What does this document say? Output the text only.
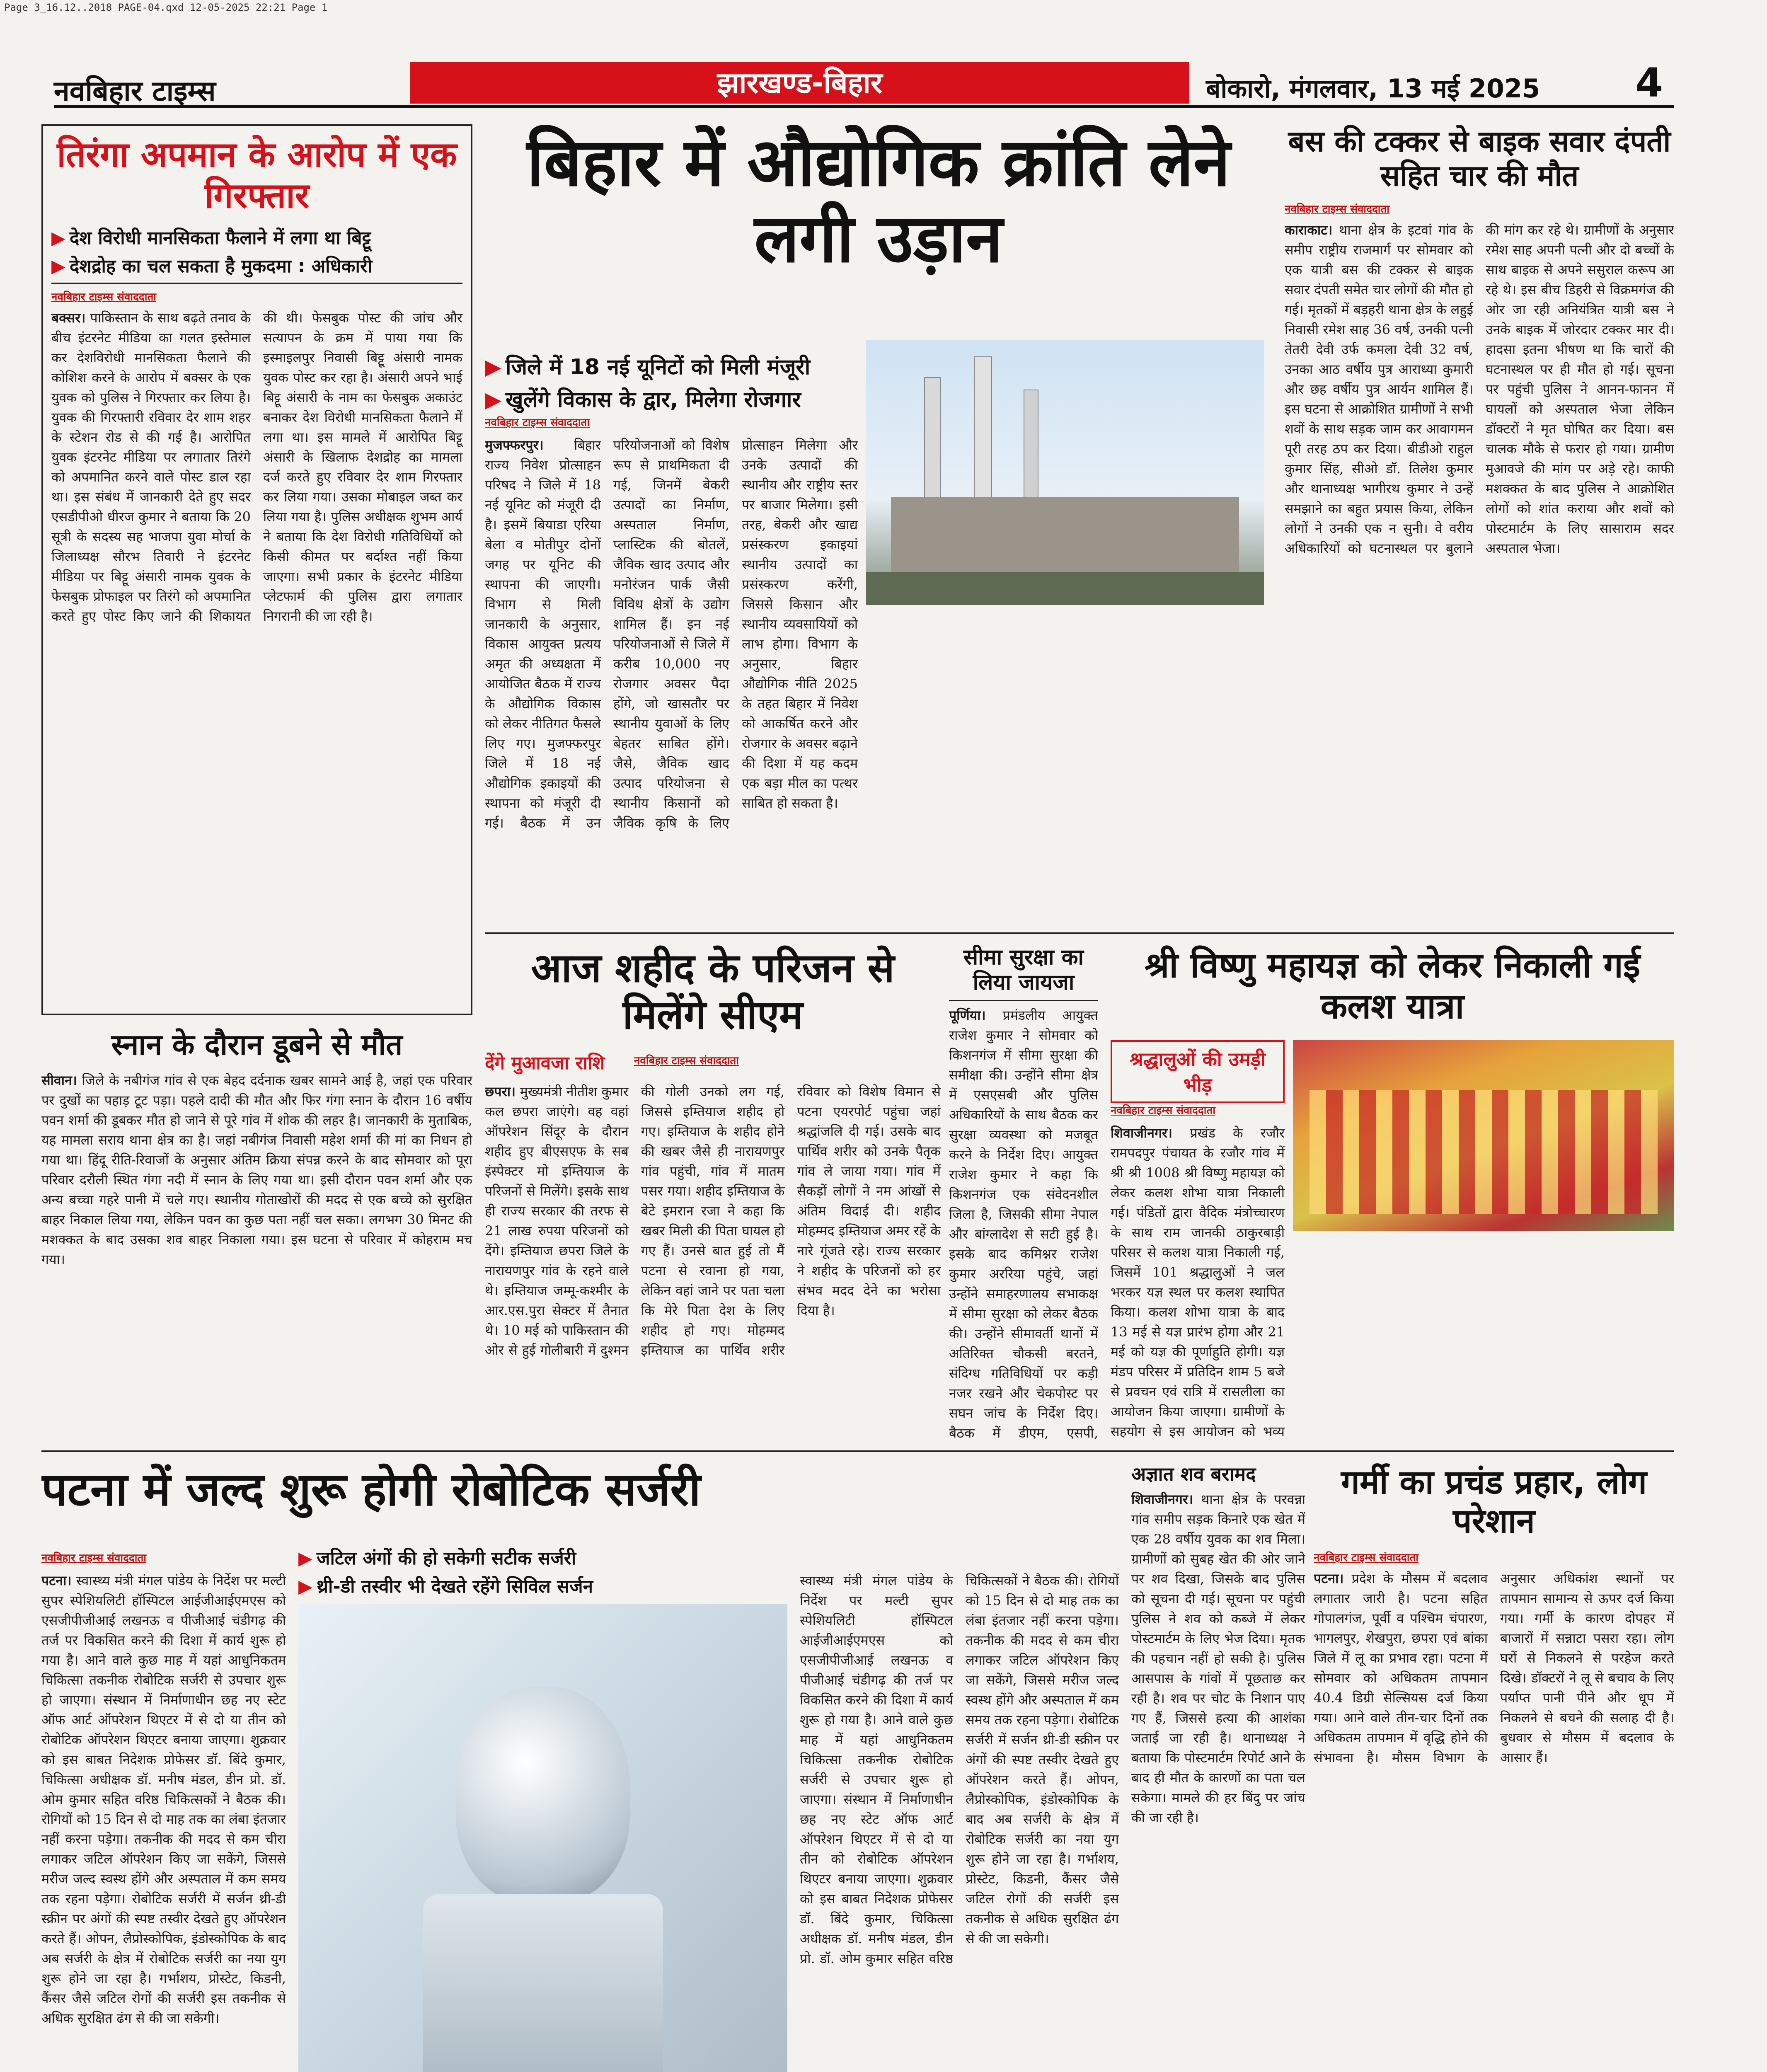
Page 3_16.12..2018 PAGE-04.qxd 12-05-2025 22:21 Page 1
नवबिहार टाइम्स	झारखण्ड-बिहार	बोकारो, मंगलवार, 13 मई 2025 4
तिरंगा अपमान के आरोप में एक गिरफ्तार
▶ देश विरोधी मानसिकता फैलाने में लगा था बिट्टू
▶ देशद्रोह का चल सकता है मुकदमा : अधिकारी
नवबिहार टाइम्स संवाददाता
बक्सर। पाकिस्तान के साथ बढ़ते तनाव के बीच इंटरनेट मीडिया का गलत इस्तेमाल कर देशविरोधी मानसिकता फैलाने की कोशिश करने के आरोप में बक्सर के एक युवक को पुलिस ने गिरफ्तार कर लिया है। युवक की गिरफ्तारी रविवार देर शाम शहर के स्टेशन रोड से की गई है। आरोपित युवक इंटरनेट मीडिया पर लगातार तिरंगे को अपमानित करने वाले पोस्ट डाल रहा था। इस संबंध में जानकारी देते हुए सदर एसडीपीओ धीरज कुमार ने बताया कि 20 सूत्री के सदस्य सह भाजपा युवा मोर्चा के जिलाध्यक्ष सौरभ तिवारी ने इंटरनेट मीडिया पर बिट्टू अंसारी नामक युवक के फेसबुक प्रोफाइल पर तिरंगे को अपमानित करते हुए पोस्ट किए जाने की शिकायत की थी। फेसबुक पोस्ट की जांच और सत्यापन के क्रम में पाया गया कि इस्माइलपुर निवासी बिट्टू अंसारी नामक युवक पोस्ट कर रहा है। अंसारी अपने भाई बिट्टू अंसारी के नाम का फेसबुक अकाउंट बनाकर देश विरोधी मानसिकता फैलाने में लगा था। इस मामले में आरोपित बिट्टू अंसारी के खिलाफ देशद्रोह का मामला दर्ज करते हुए रविवार देर शाम गिरफ्तार कर लिया गया। उसका मोबाइल जब्त कर लिया गया है। पुलिस अधीक्षक शुभम आर्य ने बताया कि देश विरोधी गतिविधियों को किसी कीमत पर बर्दाश्त नहीं किया जाएगा। सभी प्रकार के इंटरनेट मीडिया प्लेटफार्म की पुलिस द्वारा लगातार निगरानी की जा रही है।
बिहार में औद्योगिक क्रांति लेने लगी उड़ान
▶ जिले में 18 नई यूनिटों को मिली मंजूरी
▶ खुलेंगे विकास के द्वार, मिलेगा रोजगार
नवबिहार टाइम्स संवाददाता
मुजफ्फरपुर। बिहार राज्य निवेश प्रोत्साहन परिषद ने जिले में 18 नई यूनिट को मंजूरी दी है। इसमें बियाडा एरिया बेला व मोतीपुर दोनों जगह पर यूनिट की स्थापना की जाएगी। विभाग से मिली जानकारी के अनुसार, विकास आयुक्त प्रत्यय अमृत की अध्यक्षता में आयोजित बैठक में राज्य के औद्योगिक विकास को लेकर नीतिगत फैसले लिए गए। मुजफ्फरपुर जिले में 18 नई औद्योगिक इकाइयों की स्थापना को मंजूरी दी गई। बैठक में उन परियोजनाओं को विशेष रूप से प्राथमिकता दी गई, जिनमें बेकरी उत्पादों का निर्माण, अस्पताल निर्माण, प्लास्टिक की बोतलें, जैविक खाद उत्पाद और मनोरंजन पार्क जैसी विविध क्षेत्रों के उद्योग शामिल हैं। इन नई परियोजनाओं से जिले में करीब 10,000 नए रोजगार अवसर पैदा होंगे, जो खासतौर पर स्थानीय युवाओं के लिए बेहतर साबित होंगे। जैसे, जैविक खाद उत्पाद परियोजना से स्थानीय किसानों को जैविक कृषि के लिए प्रोत्साहन मिलेगा और उनके उत्पादों की स्थानीय और राष्ट्रीय स्तर पर बाजार मिलेगा। इसी तरह, बेकरी और खाद्य प्रसंस्करण इकाइयां स्थानीय उत्पादों का प्रसंस्करण करेंगी, जिससे किसान और स्थानीय व्यवसायियों को लाभ होगा। विभाग के अनुसार, बिहार औद्योगिक नीति 2025 के तहत बिहार में निवेश को आकर्षित करने और रोजगार के अवसर बढ़ाने की दिशा में यह कदम एक बड़ा मील का पत्थर साबित हो सकता है।
बस की टक्कर से बाइक सवार दंपती सहित चार की मौत
नवबिहार टाइम्स संवाददाता
काराकाट। थाना क्षेत्र के इटवां गांव के समीप राष्ट्रीय राजमार्ग पर सोमवार को एक यात्री बस की टक्कर से बाइक सवार दंपती समेत चार लोगों की मौत हो गई। मृतकों में बड़हरी थाना क्षेत्र के लहुई निवासी रमेश साह 36 वर्ष, उनकी पत्नी तेतरी देवी उर्फ कमला देवी 32 वर्ष, उनका आठ वर्षीय पुत्र आराध्या कुमारी और छह वर्षीय पुत्र आर्यन शामिल हैं। इस घटना से आक्रोशित ग्रामीणों ने सभी शवों के साथ सड़क जाम कर आवागमन पूरी तरह ठप कर दिया। बीडीओ राहुल कुमार सिंह, सीओ डॉ. तिलेश कुमार और थानाध्यक्ष भागीरथ कुमार ने उन्हें समझाने का बहुत प्रयास किया, लेकिन लोगों ने उनकी एक न सुनी। वे वरीय अधिकारियों को घटनास्थल पर बुलाने की मांग कर रहे थे। ग्रामीणों के अनुसार रमेश साह अपनी पत्नी और दो बच्चों के साथ बाइक से अपने ससुराल करूप आ रहे थे। इस बीच डिहरी से विक्रमगंज की ओर जा रही अनियंत्रित यात्री बस ने उनके बाइक में जोरदार टक्कर मार दी। हादसा इतना भीषण था कि चारों की घटनास्थल पर ही मौत हो गई। सूचना पर पहुंची पुलिस ने आनन-फानन में घायलों को अस्पताल भेजा लेकिन डॉक्टरों ने मृत घोषित कर दिया। बस चालक मौके से फरार हो गया। ग्रामीण मुआवजे की मांग पर अड़े रहे। काफी मशक्कत के बाद पुलिस ने आक्रोशित लोगों को शांत कराया और शवों को पोस्टमार्टम के लिए सासाराम सदर अस्पताल भेजा।
आज शहीद के परिजन से मिलेंगे सीएम
देंगे मुआवजा राशि	नवबिहार टाइम्स संवाददाता
छपरा। मुख्यमंत्री नीतीश कुमार कल छपरा जाएंगे। वह वहां ऑपरेशन सिंदूर के दौरान शहीद हुए बीएसएफ के सब इंस्पेक्टर मो इम्तियाज के परिजनों से मिलेंगे। इसके साथ ही राज्य सरकार की तरफ से 21 लाख रुपया परिजनों को देंगे। इम्तियाज छपरा जिले के नारायणपुर गांव के रहने वाले थे। इम्तियाज जम्मू-कश्मीर के आर.एस.पुरा सेक्टर में तैनात थे। 10 मई को पाकिस्तान की ओर से हुई गोलीबारी में दुश्मन की गोली उनको लग गई, जिससे इम्तियाज शहीद हो गए। इम्तियाज के शहीद होने की खबर जैसे ही नारायणपुर गांव पहुंची, गांव में मातम पसर गया। शहीद इम्तियाज के बेटे इमरान रजा ने कहा कि खबर मिली की पिता घायल हो गए हैं। उनसे बात हुई तो मैं पटना से रवाना हो गया, लेकिन वहां जाने पर पता चला कि मेरे पिता देश के लिए शहीद हो गए। मोहम्मद इम्तियाज का पार्थिव शरीर रविवार को विशेष विमान से पटना एयरपोर्ट पहुंचा जहां श्रद्धांजलि दी गई। उसके बाद पार्थिव शरीर को उनके पैतृक गांव ले जाया गया। गांव में सैकड़ों लोगों ने नम आंखों से अंतिम विदाई दी। शहीद मोहम्मद इम्तियाज अमर रहें के नारे गूंजते रहे। राज्य सरकार ने शहीद के परिजनों को हर संभव मदद देने का भरोसा दिया है।
सीमा सुरक्षा का लिया जायजा
पूर्णिया। प्रमंडलीय आयुक्त राजेश कुमार ने सोमवार को किशनगंज में सीमा सुरक्षा की समीक्षा की। उन्होंने सीमा क्षेत्र में एसएसबी और पुलिस अधिकारियों के साथ बैठक कर सुरक्षा व्यवस्था को मजबूत करने के निर्देश दिए। आयुक्त राजेश कुमार ने कहा कि किशनगंज एक संवेदनशील जिला है, जिसकी सीमा नेपाल और बांग्लादेश से सटी हुई है। इसके बाद कमिश्नर राजेश कुमार अररिया पहुंचे, जहां उन्होंने समाहरणालय सभाकक्ष में सीमा सुरक्षा को लेकर बैठक की। उन्होंने सीमावर्ती थानों में अतिरिक्त चौकसी बरतने, संदिग्ध गतिविधियों पर कड़ी नजर रखने और चेकपोस्ट पर सघन जांच के निर्देश दिए। बैठक में डीएम, एसपी,
श्री विष्णु महायज्ञ को लेकर निकाली गई कलश यात्रा
श्रद्धालुओं की उमड़ी भीड़
नवबिहार टाइम्स संवाददाता
शिवाजीनगर। प्रखंड के रजौर रामपदपुर पंचायत के रजौर गांव में श्री श्री 1008 श्री विष्णु महायज्ञ को लेकर कलश शोभा यात्रा निकाली गई। पंडितों द्वारा वैदिक मंत्रोच्चारण के साथ राम जानकी ठाकुरबाड़ी परिसर से कलश यात्रा निकाली गई, जिसमें 101 श्रद्धालुओं ने जल भरकर यज्ञ स्थल पर कलश स्थापित किया। कलश शोभा यात्रा के बाद 13 मई से यज्ञ प्रारंभ होगा और 21 मई को यज्ञ की पूर्णाहुति होगी। यज्ञ मंडप परिसर में प्रतिदिन शाम 5 बजे से प्रवचन एवं रात्रि में रासलीला का आयोजन किया जाएगा। ग्रामीणों के सहयोग से इस आयोजन को भव्य
स्नान के दौरान डूबने से मौत
सीवान। जिले के नबीगंज गांव से एक बेहद दर्दनाक खबर सामने आई है, जहां एक परिवार पर दुखों का पहाड़ टूट पड़ा। पहले दादी की मौत और फिर गंगा स्नान के दौरान 16 वर्षीय पवन शर्मा की डूबकर मौत हो जाने से पूरे गांव में शोक की लहर है। जानकारी के मुताबिक, यह मामला सराय थाना क्षेत्र का है। जहां नबीगंज निवासी महेश शर्मा की मां का निधन हो गया था। हिंदू रीति-रिवाजों के अनुसार अंतिम क्रिया संपन्न करने के बाद सोमवार को पूरा परिवार दरौली स्थित गंगा नदी में स्नान के लिए गया था। इसी दौरान पवन शर्मा और एक अन्य बच्चा गहरे पानी में चले गए। स्थानीय गोताखोरों की मदद से एक बच्चे को सुरक्षित बाहर निकाल लिया गया, लेकिन पवन का कुछ पता नहीं चल सका। लगभग 30 मिनट की मशक्कत के बाद उसका शव बाहर निकाला गया। इस घटना से परिवार में कोहराम मच गया।
पटना में जल्द शुरू होगी रोबोटिक सर्जरी
▶ जटिल अंगों की हो सकेगी सटीक सर्जरी
▶ थ्री-डी तस्वीर भी देखते रहेंगे सिविल सर्जन
नवबिहार टाइम्स संवाददाता
पटना। स्वास्थ्य मंत्री मंगल पांडेय के निर्देश पर मल्टी सुपर स्पेशियलिटी हॉस्पिटल आईजीआईएमएस को एसजीपीजीआई लखनऊ व पीजीआई चंडीगढ़ की तर्ज पर विकसित करने की दिशा में कार्य शुरू हो गया है। आने वाले कुछ माह में यहां आधुनिकतम चिकित्सा तकनीक रोबोटिक सर्जरी से उपचार शुरू हो जाएगा। संस्थान में निर्माणाधीन छह नए स्टेट ऑफ आर्ट ऑपरेशन थिएटर में से दो या तीन को रोबोटिक ऑपरेशन थिएटर बनाया जाएगा। शुक्रवार को इस बाबत निदेशक प्रोफेसर डॉ. बिंदे कुमार, चिकित्सा अधीक्षक डॉ. मनीष मंडल, डीन प्रो. डॉ. ओम कुमार सहित वरिष्ठ चिकित्सकों ने बैठक की। रोगियों को 15 दिन से दो माह तक का लंबा इंतजार नहीं करना पड़ेगा। तकनीक की मदद से कम चीरा लगाकर जटिल ऑपरेशन किए जा सकेंगे, जिससे मरीज जल्द स्वस्थ होंगे और अस्पताल में कम समय तक रहना पड़ेगा। रोबोटिक सर्जरी में सर्जन थ्री-डी स्क्रीन पर अंगों की स्पष्ट तस्वीर देखते हुए ऑपरेशन करते हैं। ओपन, लैप्रोस्कोपिक, इंडोस्कोपिक के बाद अब सर्जरी के क्षेत्र में रोबोटिक सर्जरी का नया युग शुरू होने जा रहा है। गर्भाशय, प्रोस्टेट, किडनी, कैंसर जैसे जटिल रोगों की सर्जरी इस तकनीक से अधिक सुरक्षित ढंग से की जा सकेगी।
स्वास्थ्य मंत्री मंगल पांडेय के निर्देश पर मल्टी सुपर स्पेशियलिटी हॉस्पिटल आईजीआईएमएस को एसजीपीजीआई लखनऊ व पीजीआई चंडीगढ़ की तर्ज पर विकसित करने की दिशा में कार्य शुरू हो गया है। आने वाले कुछ माह में यहां आधुनिकतम चिकित्सा तकनीक रोबोटिक सर्जरी से उपचार शुरू हो जाएगा। संस्थान में निर्माणाधीन छह नए स्टेट ऑफ आर्ट ऑपरेशन थिएटर में से दो या तीन को रोबोटिक ऑपरेशन थिएटर बनाया जाएगा। शुक्रवार को इस बाबत निदेशक प्रोफेसर डॉ. बिंदे कुमार, चिकित्सा अधीक्षक डॉ. मनीष मंडल, डीन प्रो. डॉ. ओम कुमार सहित वरिष्ठ चिकित्सकों ने बैठक की। रोगियों को 15 दिन से दो माह तक का लंबा इंतजार नहीं करना पड़ेगा। तकनीक की मदद से कम चीरा लगाकर जटिल ऑपरेशन किए जा सकेंगे, जिससे मरीज जल्द स्वस्थ होंगे और अस्पताल में कम समय तक रहना पड़ेगा। रोबोटिक सर्जरी में सर्जन थ्री-डी स्क्रीन पर अंगों की स्पष्ट तस्वीर देखते हुए ऑपरेशन करते हैं। ओपन, लैप्रोस्कोपिक, इंडोस्कोपिक के बाद अब सर्जरी के क्षेत्र में रोबोटिक सर्जरी का नया युग शुरू होने जा रहा है। गर्भाशय, प्रोस्टेट, किडनी, कैंसर जैसे जटिल रोगों की सर्जरी इस तकनीक से अधिक सुरक्षित ढंग से की जा सकेगी।
अज्ञात शव बरामद
शिवाजीनगर। थाना क्षेत्र के परवन्ना गांव समीप सड़क किनारे एक खेत में एक 28 वर्षीय युवक का शव मिला। ग्रामीणों को सुबह खेत की ओर जाने पर शव दिखा, जिसके बाद पुलिस को सूचना दी गई। सूचना पर पहुंची पुलिस ने शव को कब्जे में लेकर पोस्टमार्टम के लिए भेज दिया। मृतक की पहचान नहीं हो सकी है। पुलिस आसपास के गांवों में पूछताछ कर रही है। शव पर चोट के निशान पाए गए हैं, जिससे हत्या की आशंका जताई जा रही है। थानाध्यक्ष ने बताया कि पोस्टमार्टम रिपोर्ट आने के बाद ही मौत के कारणों का पता चल सकेगा। मामले की हर बिंदु पर जांच की जा रही है।
गर्मी का प्रचंड प्रहार, लोग परेशान
नवबिहार टाइम्स संवाददाता
पटना। प्रदेश के मौसम में बदलाव लगातार जारी है। पटना सहित गोपालगंज, पूर्वी व पश्चिम चंपारण, भागलपुर, शेखपुरा, छपरा एवं बांका जिले में लू का प्रभाव रहा। पटना में सोमवार को अधिकतम तापमान 40.4 डिग्री सेल्सियस दर्ज किया गया। आने वाले तीन-चार दिनों तक अधिकतम तापमान में वृद्धि होने की संभावना है। मौसम विभाग के अनुसार अधिकांश स्थानों पर तापमान सामान्य से ऊपर दर्ज किया गया। गर्मी के कारण दोपहर में बाजारों में सन्नाटा पसरा रहा। लोग घरों से निकलने से परहेज करते दिखे। डॉक्टरों ने लू से बचाव के लिए पर्याप्त पानी पीने और धूप में निकलने से बचने की सलाह दी है। बुधवार से मौसम में बदलाव के आसार हैं।
